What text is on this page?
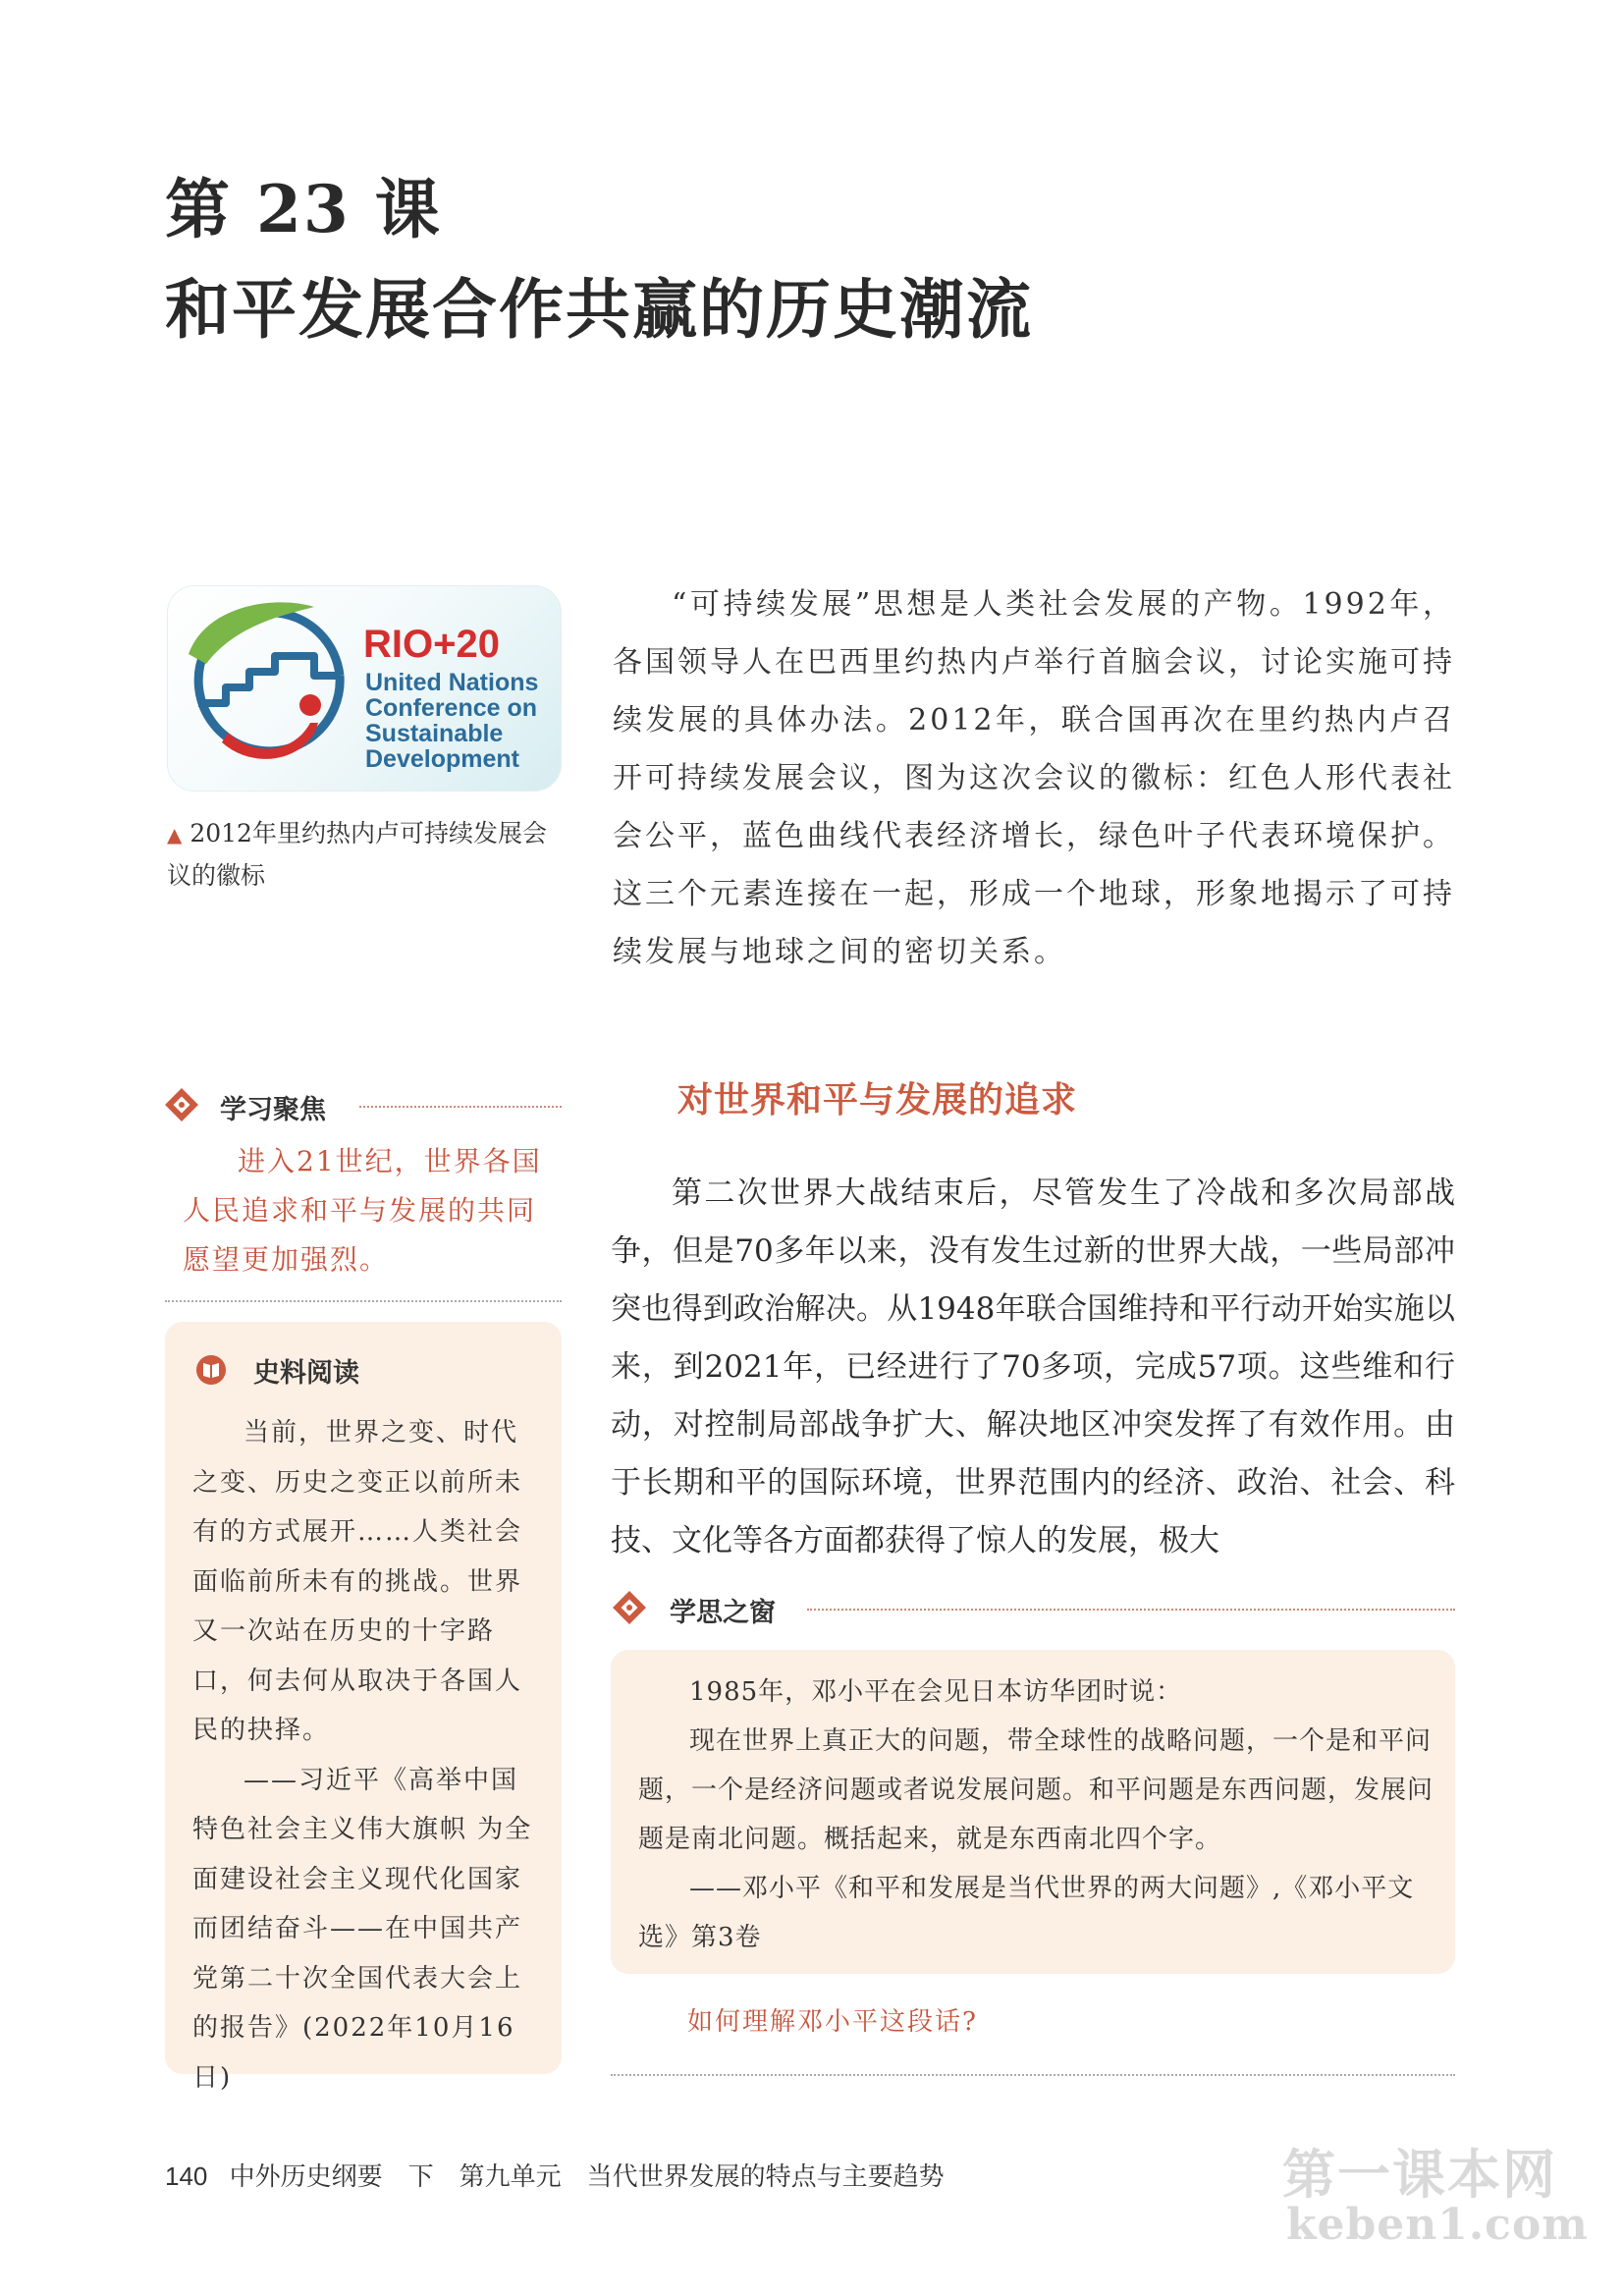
第 23 课
和平发展合作共赢的历史潮流
RIO+20
United Nations
Conference on
Sustainable
Development
▲ 2012年里约热内卢可持续发展会议的徽标

“可持续发展”思想是人类社会发展的产物。1992年，各国领导人在巴西里约热内卢举行首脑会议，讨论实施可持续发展的具体办法。2012年，联合国再次在里约热内卢召开可持续发展会议，图为这次会议的徽标：红色人形代表社会公平，蓝色曲线代表经济增长，绿色叶子代表环境保护。这三个元素连接在一起，形成一个地球，形象地揭示了可持续发展与地球之间的密切关系。

学习聚焦

进入21世纪，世界各国人民追求和平与发展的共同愿望更加强烈。

史料阅读

当前，世界之变、时代之变、历史之变正以前所未有的方式展开……人类社会面临前所未有的挑战。世界又一次站在历史的十字路口，何去何从取决于各国人民的抉择。

——习近平《高举中国特色社会主义伟大旗帜 为全面建设社会主义现代化国家而团结奋斗——在中国共产党第二十次全国代表大会上的报告》(2022年10月16日)

对世界和平与发展的追求

第二次世界大战结束后，尽管发生了冷战和多次局部战争，但是70多年以来，没有发生过新的世界大战，一些局部冲突也得到政治解决。从1948年联合国维持和平行动开始实施以来，到2021年，已经进行了70多项，完成57项。这些维和行动，对控制局部战争扩大、解决地区冲突发挥了有效作用。由于长期和平的国际环境，世界范围内的经济、政治、社会、科技、文化等各方面都获得了惊人的发展，极大

学思之窗

1985年，邓小平在会见日本访华团时说：

现在世界上真正大的问题，带全球性的战略问题，一个是和平问题，一个是经济问题或者说发展问题。和平问题是东西问题，发展问题是南北问题。概括起来，就是东西南北四个字。

——邓小平《和平和发展是当代世界的两大问题》,《邓小平文选》第3卷

如何理解邓小平这段话?
140 中外历史纲要　下　第九单元　当代世界发展的特点与主要趋势	第一课本网
keben1.com
